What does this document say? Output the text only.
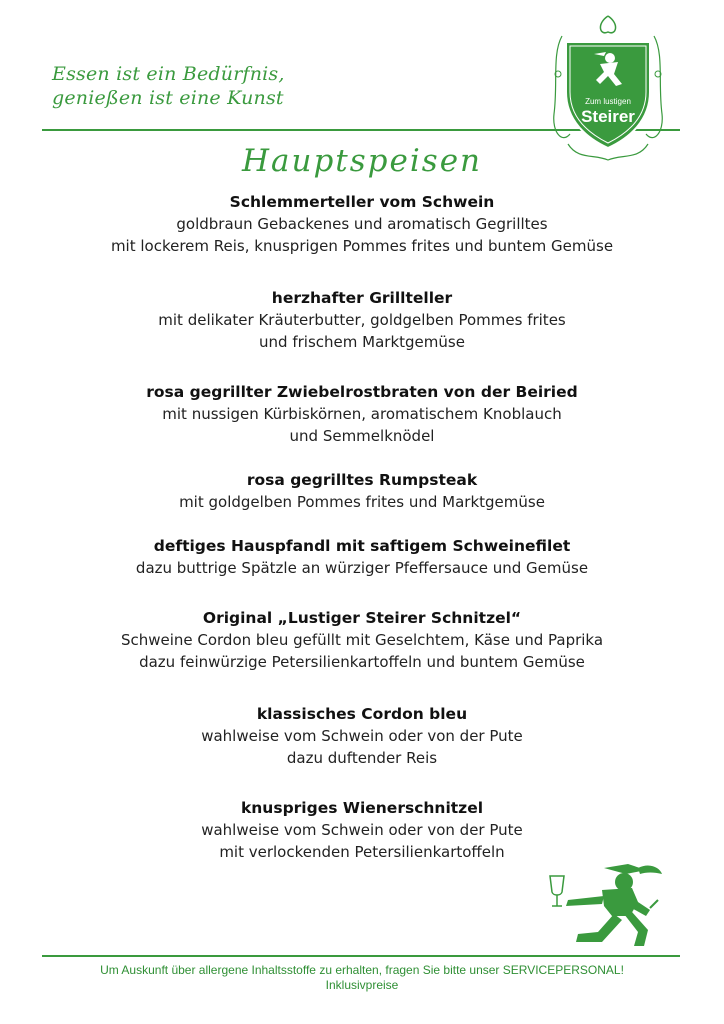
Essen ist ein Bedürfnis,
genießen ist eine Kunst	Zum lustigen
Steirer
Hauptspeisen
Schlemmerteller vom Schwein
goldbraun Gebackenes und aromatisch Gegrilltes
mit lockerem Reis, knusprigen Pommes frites und buntem Gemüse
herzhafter Grillteller
mit delikater Kräuterbutter, goldgelben Pommes frites
und frischem Marktgemüse
rosa gegrillter Zwiebelrostbraten von der Beiried
mit nussigen Kürbiskörnen, aromatischem Knoblauch
und Semmelknödel
rosa gegrilltes Rumpsteak
mit goldgelben Pommes frites und Marktgemüse
deftiges Hauspfandl mit saftigem Schweinefilet
dazu buttrige Spätzle an würziger Pfeffersauce und Gemüse
Original „Lustiger Steirer Schnitzel“
Schweine Cordon bleu gefüllt mit Geselchtem, Käse und Paprika
dazu feinwürzige Petersilienkartoffeln und buntem Gemüse
klassisches Cordon bleu
wahlweise vom Schwein oder von der Pute
dazu duftender Reis
knuspriges Wienerschnitzel
wahlweise vom Schwein oder von der Pute
mit verlockenden Petersilienkartoffeln
Um Auskunft über allergene Inhaltsstoffe zu erhalten, fragen Sie bitte unser SERVICEPERSONAL!
Inklusivpreise
